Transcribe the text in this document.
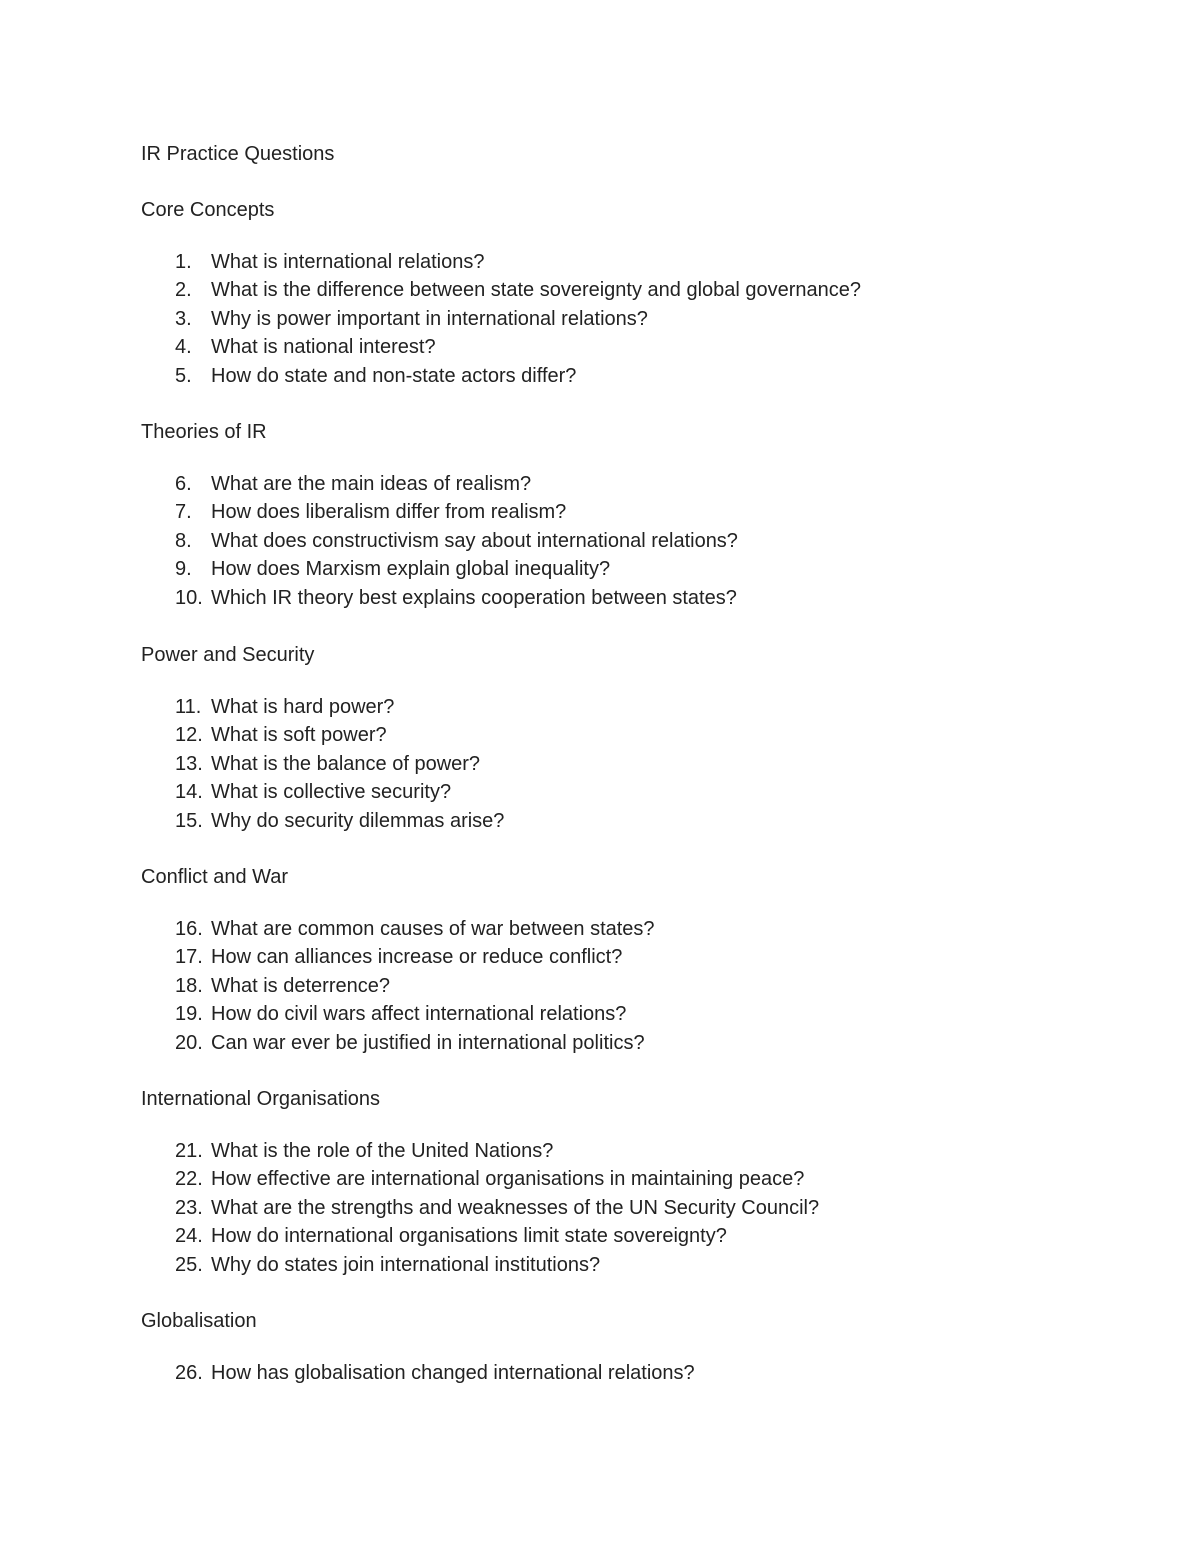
IR Practice Questions
Core Concepts
1. What is international relations?
2. What is the difference between state sovereignty and global governance?
3. Why is power important in international relations?
4. What is national interest?
5. How do state and non-state actors differ?
Theories of IR
6. What are the main ideas of realism?
7. How does liberalism differ from realism?
8. What does constructivism say about international relations?
9. How does Marxism explain global inequality?
10. Which IR theory best explains cooperation between states?
Power and Security
11. What is hard power?
12. What is soft power?
13. What is the balance of power?
14. What is collective security?
15. Why do security dilemmas arise?
Conflict and War
16. What are common causes of war between states?
17. How can alliances increase or reduce conflict?
18. What is deterrence?
19. How do civil wars affect international relations?
20. Can war ever be justified in international politics?
International Organisations
21. What is the role of the United Nations?
22. How effective are international organisations in maintaining peace?
23. What are the strengths and weaknesses of the UN Security Council?
24. How do international organisations limit state sovereignty?
25. Why do states join international institutions?
Globalisation
26. How has globalisation changed international relations?
